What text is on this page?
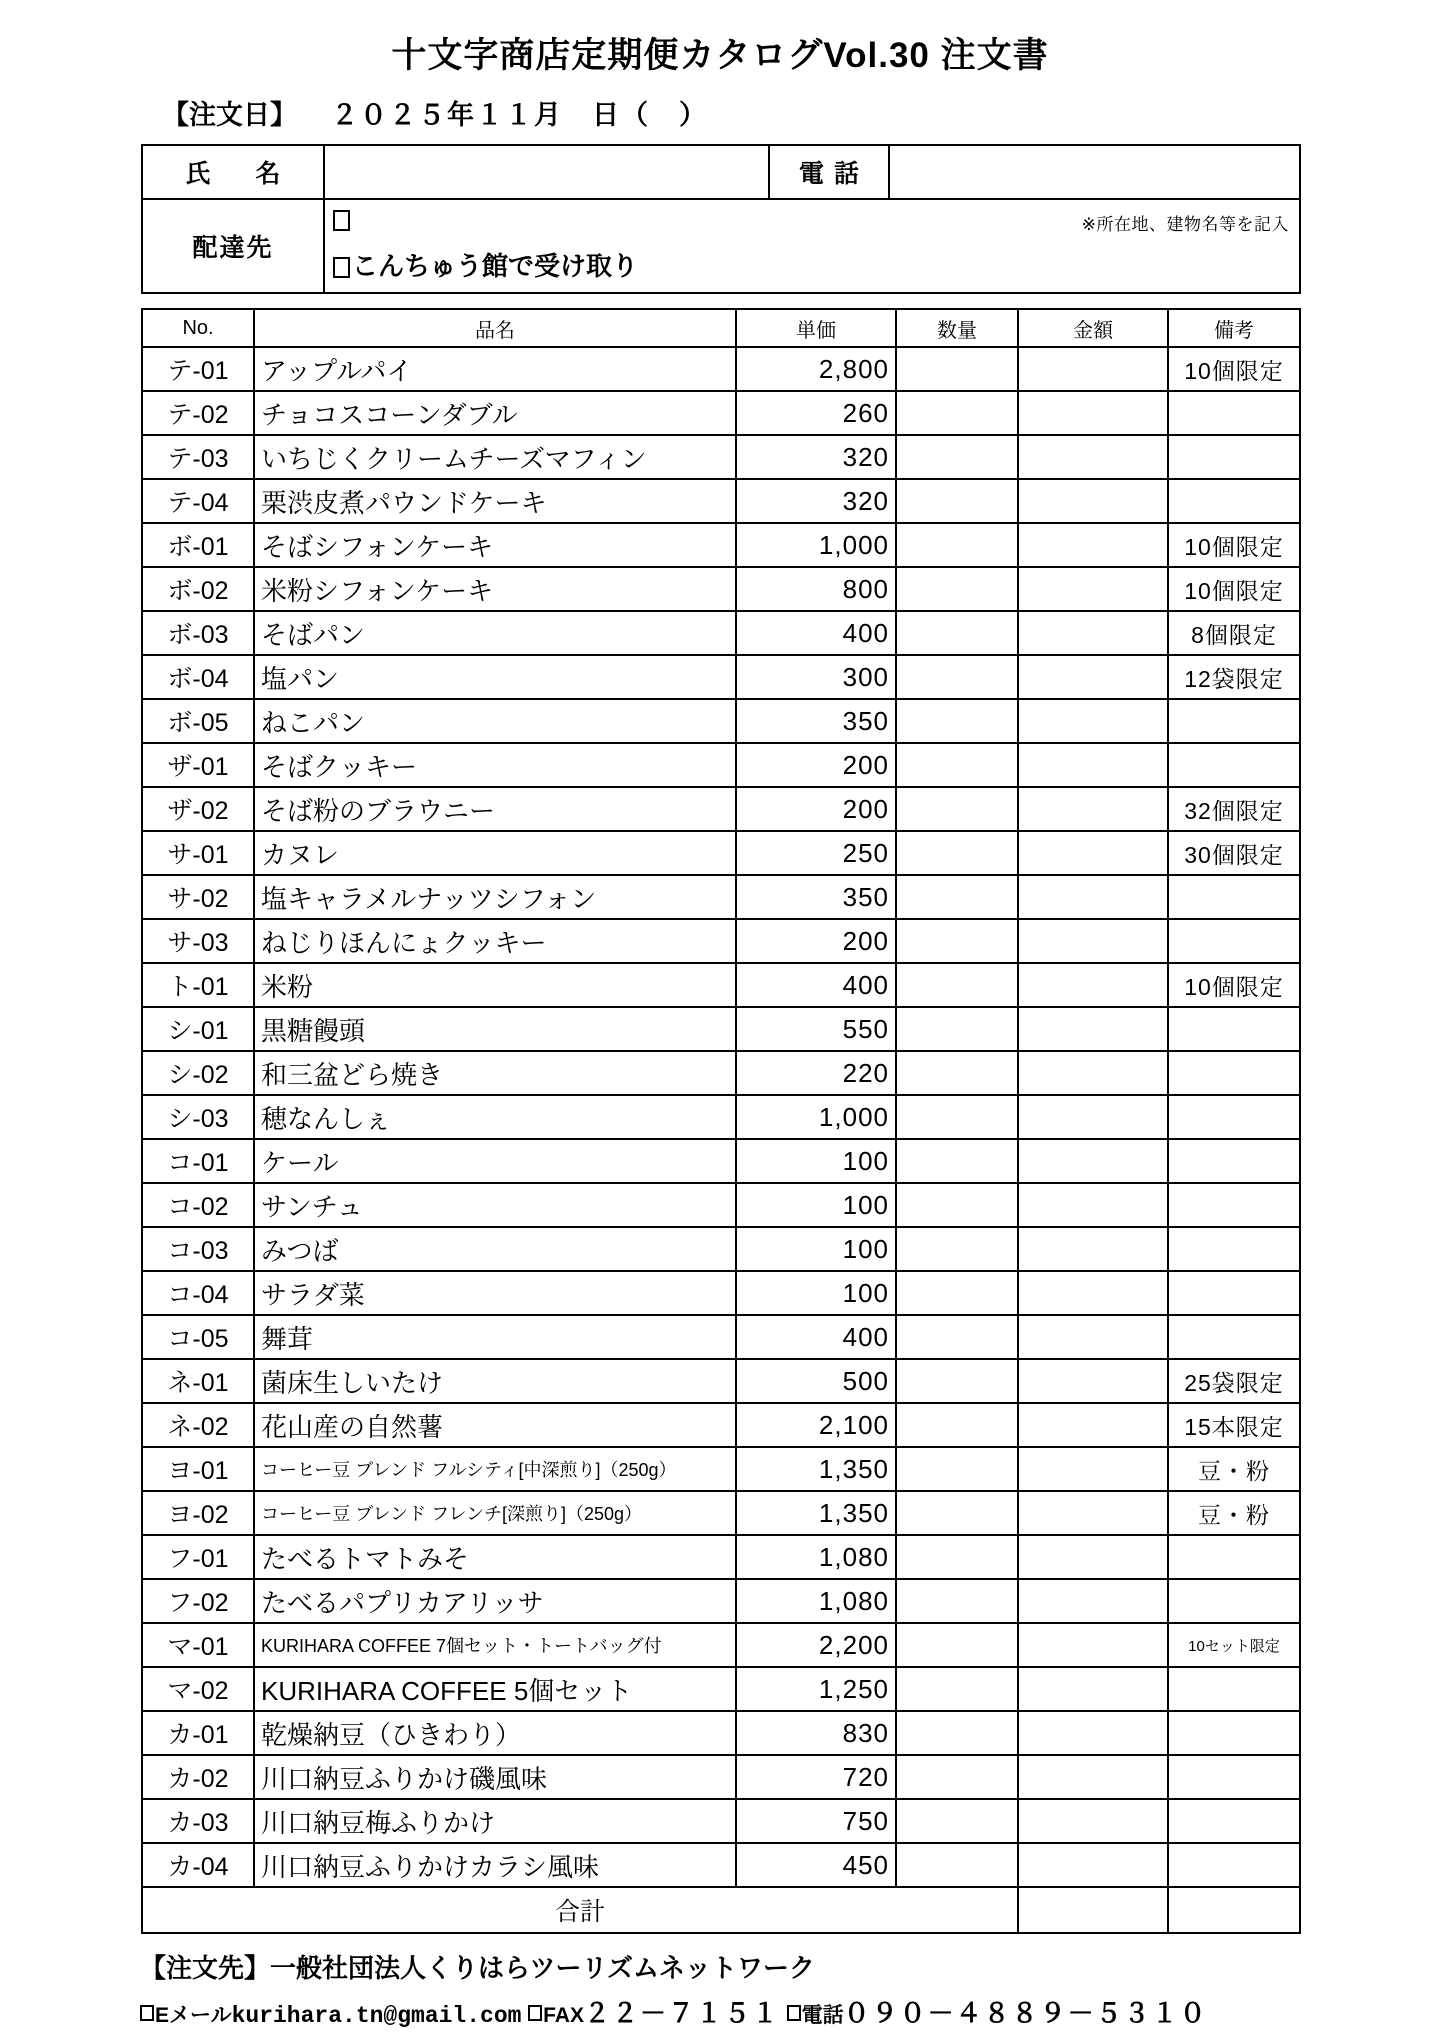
十文字商店定期便カタログVol.30 注文書
【注文日】 ２０２５年１１月　日（　）
氏　名		電話	
配達先	こんちゅう館で受け取り
※所在地、建物名等を記入		
No.	品名	単価	数量	金額	備考
テ-01	アップルパイ	2,800			10個限定
テ-02	チョコスコーンダブル	260			
テ-03	いちじくクリームチーズマフィン	320			
テ-04	栗渋皮煮パウンドケーキ	320			
ボ-01	そばシフォンケーキ	1,000			10個限定
ボ-02	米粉シフォンケーキ	800			10個限定
ボ-03	そばパン	400			8個限定
ボ-04	塩パン	300			12袋限定
ボ-05	ねこパン	350			
ザ-01	そばクッキー	200			
ザ-02	そば粉のブラウニー	200			32個限定
サ-01	カヌレ	250			30個限定
サ-02	塩キャラメルナッツシフォン	350			
サ-03	ねじりほんにょクッキー	200			
ト-01	米粉	400			10個限定
シ-01	黒糖饅頭	550			
シ-02	和三盆どら焼き	220			
シ-03	穂なんしぇ	1,000			
コ-01	ケール	100			
コ-02	サンチュ	100			
コ-03	みつば	100			
コ-04	サラダ菜	100			
コ-05	舞茸	400			
ネ-01	菌床生しいたけ	500			25袋限定
ネ-02	花山産の自然薯	2,100			15本限定
ヨ-01	コーヒー豆 ブレンド フルシティ[中深煎り]（250g）	1,350			豆・粉
ヨ-02	コーヒー豆 ブレンド フレンチ[深煎り]（250g）	1,350			豆・粉
フ-01	たべるトマトみそ	1,080			
フ-02	たべるパプリカアリッサ	1,080			
マ-01	KURIHARA COFFEE 7個セット・トートバッグ付	2,200			10セット限定
マ-02	KURIHARA COFFEE 5個セット	1,250			
カ-01	乾燥納豆（ひきわり）	830			
カ-02	川口納豆ふりかけ磯風味	720			
カ-03	川口納豆梅ふりかけ	750			
カ-04	川口納豆ふりかけカラシ風味	450			
合計					
【注文先】一般社団法人くりはらツーリズムネットワーク
Eメールkurihara.tn@gmail.com FAX２２－７１５１ 電話０９０－４８８９－５３１０
